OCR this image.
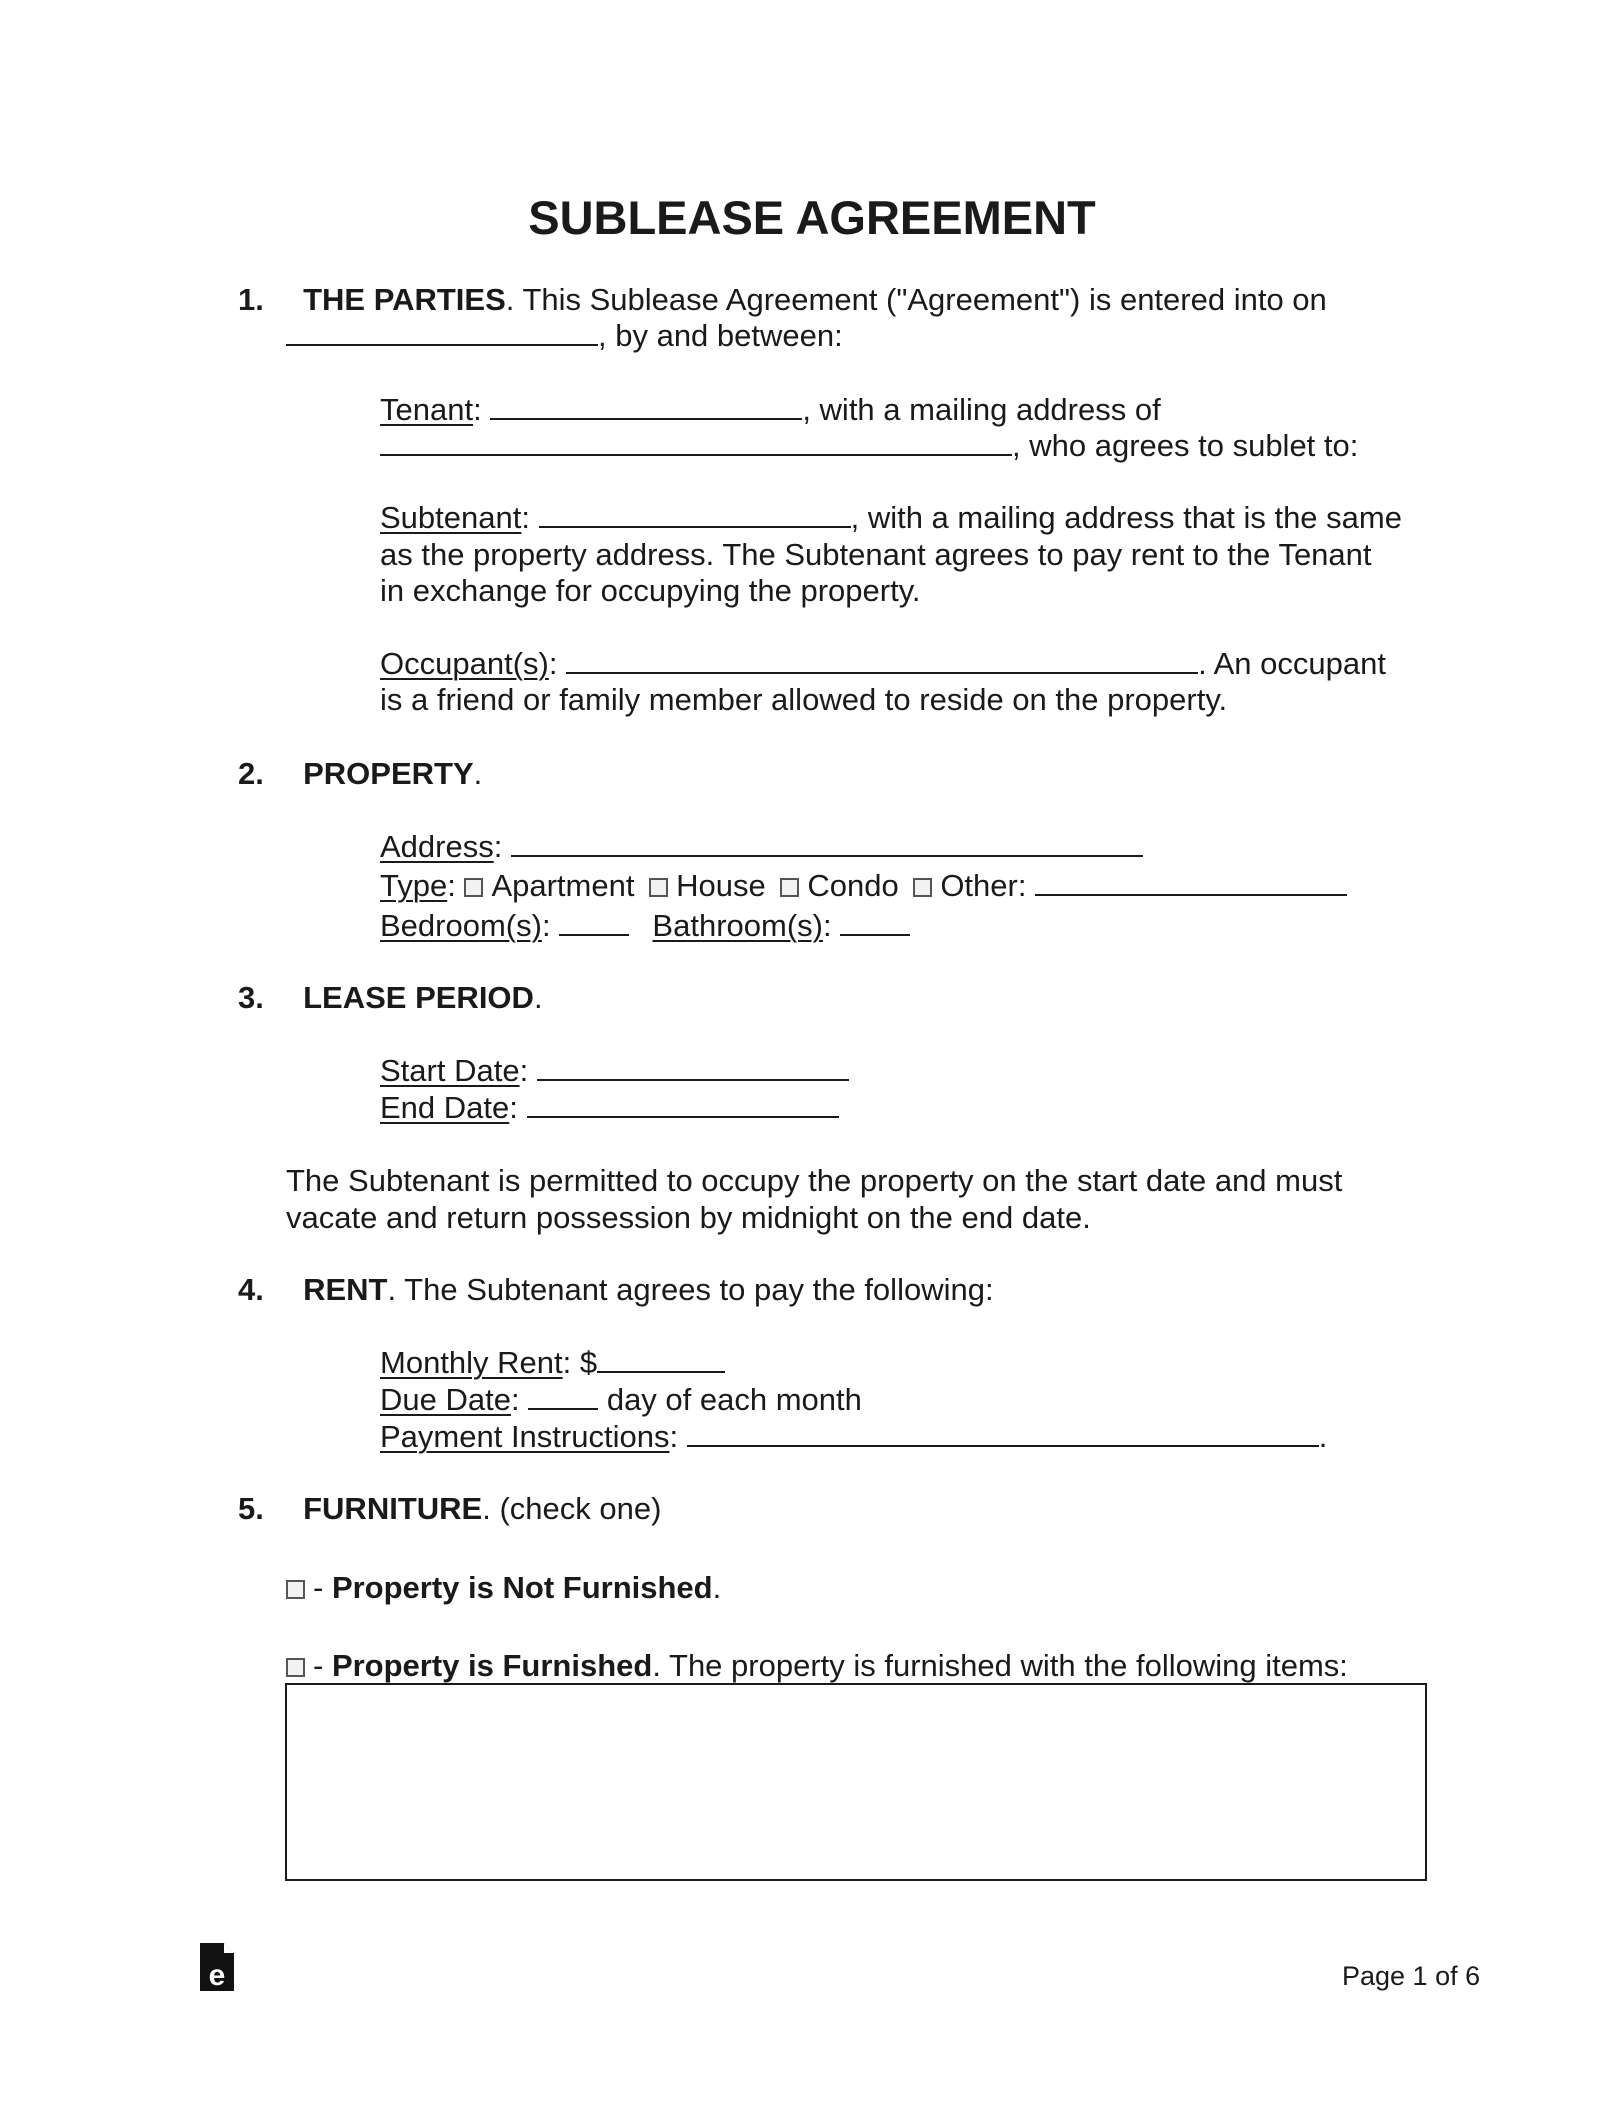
SUBLEASE AGREEMENT
1. THE PARTIES. This Sublease Agreement ("Agreement") is entered into on
, by and between:
Tenant:	, with a mailing address of
, who agrees to sublet to:
Subtenant:	, with a mailing address that is the same
as the property address. The Subtenant agrees to pay rent to the Tenant
in exchange for occupying the property.
Occupant(s):	. An occupant
is a friend or family member allowed to reside on the property.
2. PROPERTY.
Address:
Type: Apartment House Condo Other:
Bedroom(s):	Bathroom(s):
3. LEASE PERIOD.
Start Date:
End Date:
The Subtenant is permitted to occupy the property on the start date and must
vacate and return possession by midnight on the end date.
4. RENT. The Subtenant agrees to pay the following:
Monthly Rent: $
Due Date:	day of each month
Payment Instructions:	.
5. FURNITURE. (check one)
- Property is Not Furnished.
- Property is Furnished. The property is furnished with the following items:
e	Page 1 of 6
